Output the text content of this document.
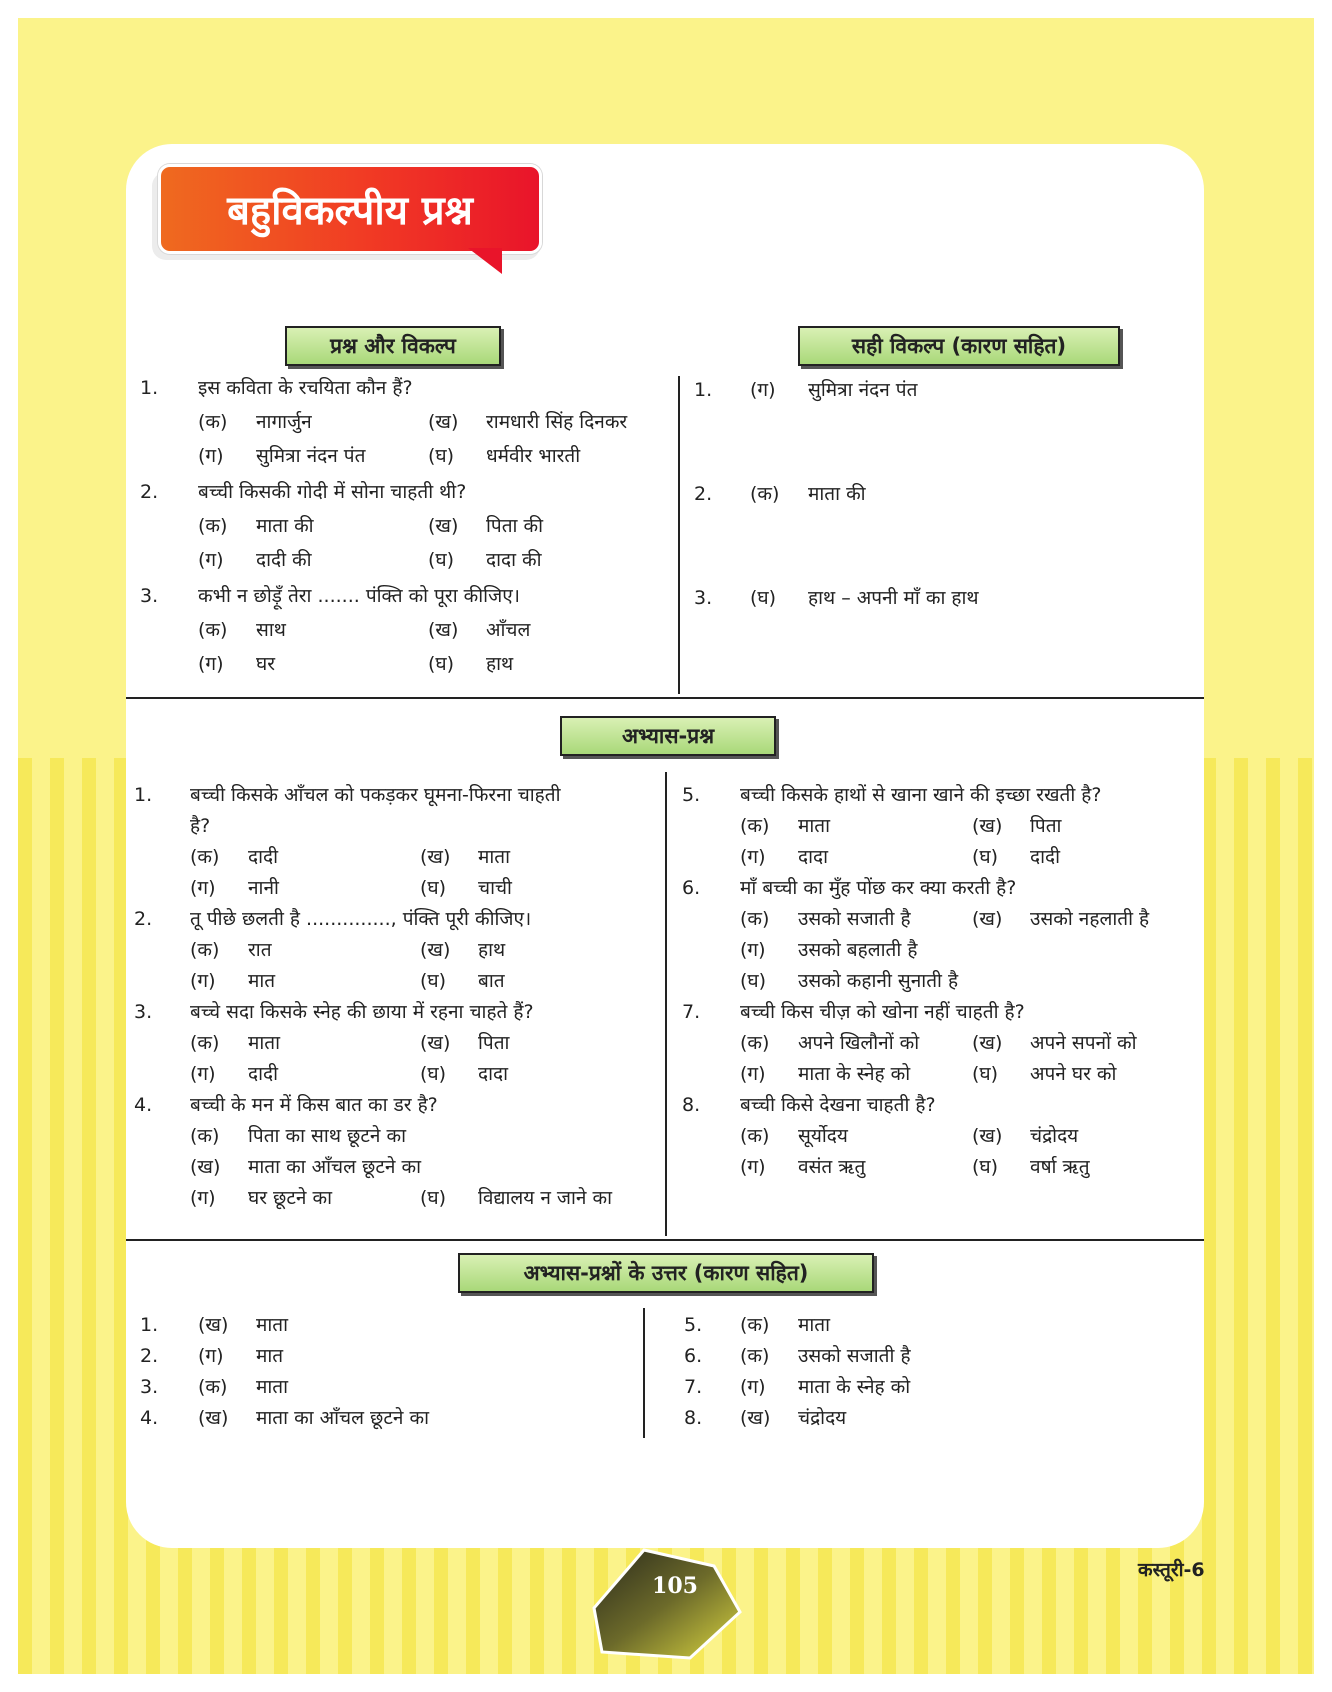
बहुविकल्पीय प्रश्न
प्रश्न और विकल्प	सही विकल्प (कारण सहित)
1. इस कविता के रचयिता कौन हैं?
(क) नागार्जुन	(ख) रामधारी सिंह दिनकर
(ग) सुमित्रा नंदन पंत	(घ) धर्मवीर भारती
2. बच्ची किसकी गोदी में सोना चाहती थी?
(क) माता की	(ख) पिता की
(ग) दादी की	(घ) दादा की
3. कभी न छोड़ूँ तेरा ....... पंक्ति को पूरा कीजिए।
(क) साथ	(ख) आँचल
(ग) घर	(घ) हाथ
1. (ग) सुमित्रा नंदन पंत
2. (क) माता की
3. (घ) हाथ – अपनी माँ का हाथ
अभ्यास-प्रश्न
1. बच्ची किसके आँचल को पकड़कर घूमना-फिरना चाहती
है?
(क) दादी	(ख) माता
(ग) नानी	(घ) चाची
2. तू पीछे छलती है .............., पंक्ति पूरी कीजिए।
(क) रात	(ख) हाथ
(ग) मात	(घ) बात
3. बच्चे सदा किसके स्नेह की छाया में रहना चाहते हैं?
(क) माता	(ख) पिता
(ग) दादी	(घ) दादा
4. बच्ची के मन में किस बात का डर है?
(क) पिता का साथ छूटने का
(ख) माता का आँचल छूटने का
(ग) घर छूटने का	(घ) विद्यालय न जाने का
5. बच्ची किसके हाथों से खाना खाने की इच्छा रखती है?
(क) माता	(ख) पिता
(ग) दादा	(घ) दादी
6. माँ बच्ची का मुँह पोंछ कर क्या करती है?
(क) उसको सजाती है	(ख) उसको नहलाती है
(ग) उसको बहलाती है
(घ) उसको कहानी सुनाती है
7. बच्ची किस चीज़ को खोना नहीं चाहती है?
(क) अपने खिलौनों को	(ख) अपने सपनों को
(ग) माता के स्नेह को	(घ) अपने घर को
8. बच्ची किसे देखना चाहती है?
(क) सूर्योदय	(ख) चंद्रोदय
(ग) वसंत ऋतु	(घ) वर्षा ऋतु
अभ्यास-प्रश्नों के उत्तर (कारण सहित)
1. (ख) माता
2. (ग) मात
3. (क) माता
4. (ख) माता का आँचल छूटने का
5. (क) माता
6. (क) उसको सजाती है
7. (ग) माता के स्नेह को
8. (ख) चंद्रोदय
105
कस्तूरी-6
